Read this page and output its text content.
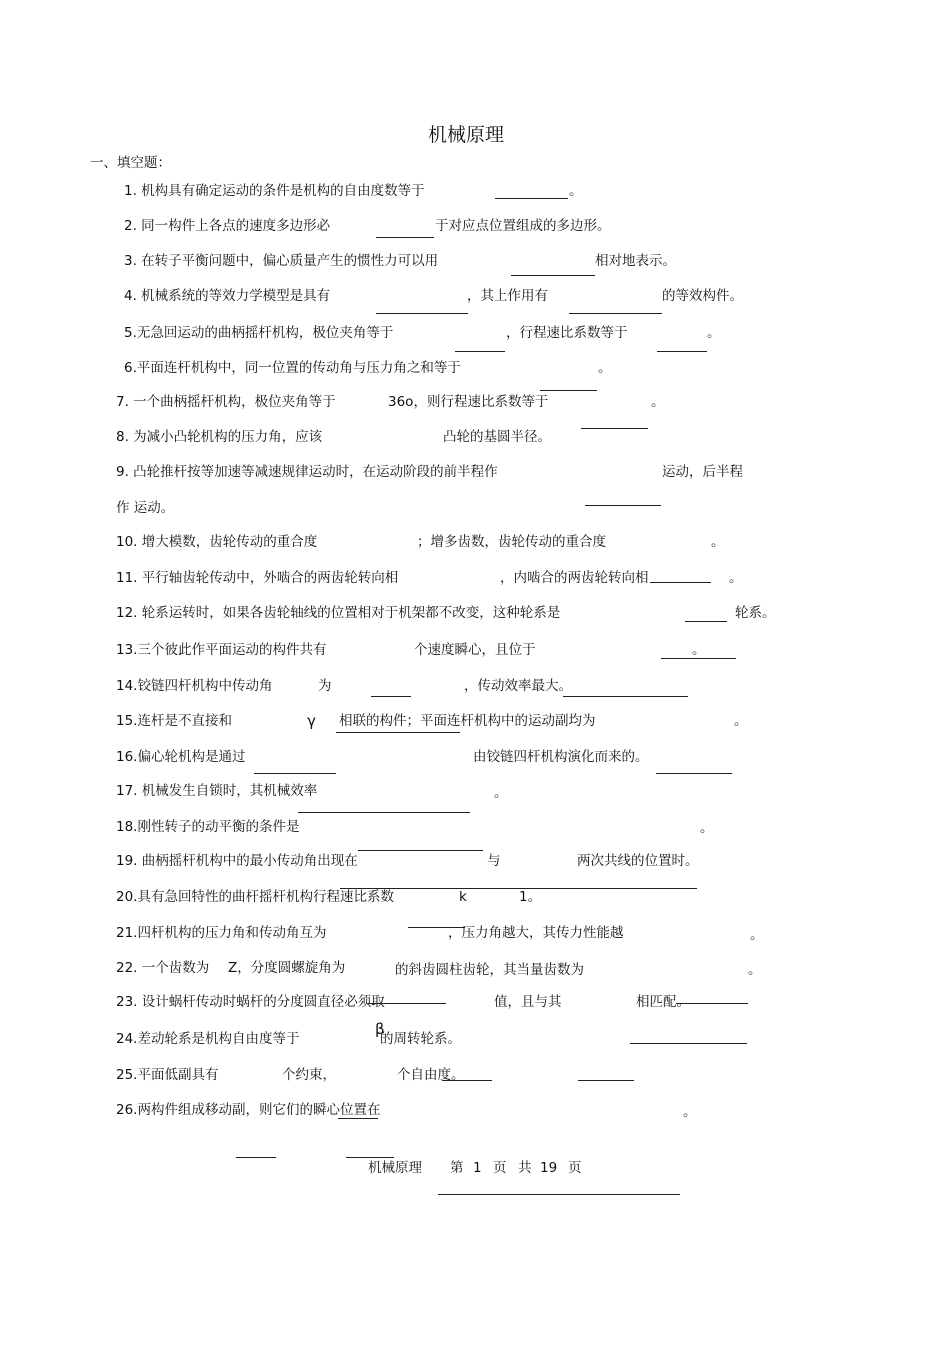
机械原理
一、填空题：
1. 机构具有确定运动的条件是机构的自由度数等于	。
2. 同一构件上各点的速度多边形必	于对应点位置组成的多边形。
3. 在转子平衡问题中，偏心质量产生的惯性力可以用	相对地表示。
4. 机械系统的等效力学模型是具有	，其上作用有	的等效构件。
5.无急回运动的曲柄摇杆机构，极位夹角等于	，行程速比系数等于	。
6.平面连杆机构中，同一位置的传动角与压力角之和等于	。
7. 一个曲柄摇杆机构，极位夹角等于	36o，则行程速比系数等于	。
8. 为减小凸轮机构的压力角，应该	凸轮的基圆半径。
9. 凸轮推杆按等加速等减速规律运动时，在运动阶段的前半程作	运动，后半程
作 运动。
10. 增大模数，齿轮传动的重合度	；增多齿数，齿轮传动的重合度	。
11. 平行轴齿轮传动中，外啮合的两齿轮转向相	，内啮合的两齿轮转向相	。
12. 轮系运转时，如果各齿轮轴线的位置相对于机架都不改变，这种轮系是	轮系。
13.三个彼此作平面运动的构件共有	个速度瞬心，且位于	。
14.铰链四杆机构中传动角	为	，传动效率最大。
15.连杆是不直接和	γ 相联的构件；平面连杆机构中的运动副均为	。
16.偏心轮机构是通过	由铰链四杆机构演化而来的。
17. 机械发生自锁时，其机械效率	。
18.刚性转子的动平衡的条件是	。
19. 曲柄摇杆机构中的最小传动角出现在	与	两次共线的位置时。
20.具有急回特性的曲杆摇杆机构行程速比系数	k	1。
21.四杆机构的压力角和传动角互为	，压力角越大，其传力性能越	。
22. 一个齿数为 Z，分度圆螺旋角为	的斜齿圆柱齿轮，其当量齿数为	。
23. 设计蜗杆传动时蜗杆的分度圆直径必须取	值，且与其	相匹配。
24.差动轮系是机构自由度等于
β
的周转轮系。
25.平面低副具有	个约束，	个自由度。
26.两构件组成移动副，则它们的瞬心位置在	。
机械原理 第 1 页 共 19 页
